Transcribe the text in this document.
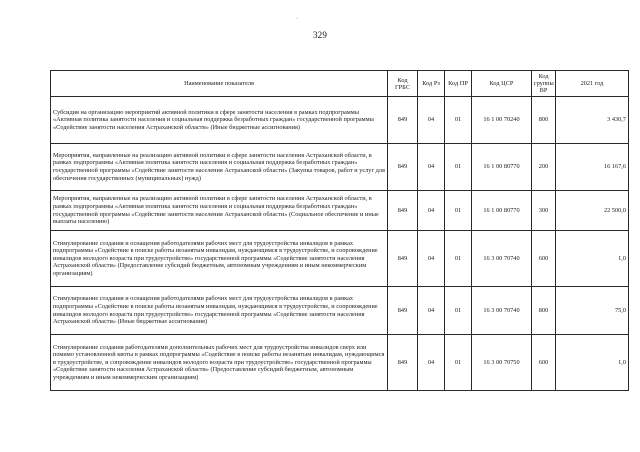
·
329
Наименование показателя	Код ГРБС	Код Рз	Код ПР	Код ЦСР	Код группы ВР	2021 год
Субсидия на организацию мероприятий активной политики в сфере занятости населения в рамках подпрограммы «Активная политика занятости населения и социальная поддержка безработных граждан» государственной программы «Содействие занятости населения Астраханской области» (Иные бюджетные ассигнования)	849	04	01	16 1 00 70240	800	3 430,7
Мероприятия, направленные на реализацию активной политики в сфере занятости населения Астраханской области, в рамках подпрограммы «Активная политика занятости населения и социальная поддержка безработных граждан» государственной программы «Содействие занятости населения Астраханской области» (Закупка товаров, работ и услуг для обеспечения государственных (муниципальных) нужд)	849	04	01	16 1 00 80770	200	16 167,6
Мероприятия, направленные на реализацию активной политики в сфере занятости населения Астраханской области, в рамках подпрограммы «Активная политика занятости населения и социальная поддержка безработных граждан» государственной программы «Содействие занятости населения Астраханской области» (Социальное обеспечение и иные выплаты населению)	849	04	01	16 1 00 80770	300	22 500,0
Стимулирование создания и оснащения работодателями рабочих мест для трудоустройства инвалидов в рамках подпрограммы «Содействие в поиске работы незанятым инвалидам, нуждающимся в трудоустройстве, и сопровождение инвалидов молодого возраста при трудоустройстве» государственной программы «Содействие занятости населения Астраханской области» (Предоставление субсидий бюджетным, автономным учреждениям и иным некоммерческим организациям)	849	04	01	16 3 00 70740	600	1,0
Стимулирование создания и оснащения работодателями рабочих мест для трудоустройства инвалидов в рамках подпрограммы «Содействие в поиске работы незанятым инвалидам, нуждающимся в трудоустройстве, и сопровождение инвалидов молодого возраста при трудоустройстве» государственной программы «Содействие занятости населения Астраханской области» (Иные бюджетные ассигнования)	849	04	01	16 3 00 70740	800	75,0
Стимулирование создания работодателями дополнительных рабочих мест для трудоустройства инвалидов сверх или помимо установленной квоты в рамках подпрограммы «Содействие в поиске работы незанятым инвалидам, нуждающимся в трудоустройстве, и сопровождение инвалидов молодого возраста при трудоустройстве» государственной программы «Содействие занятости населения Астраханской области» (Предоставление субсидий бюджетным, автономным учреждениям и иным некоммерческим организациям)	849	04	01	16 3 00 70750	600	1,0
